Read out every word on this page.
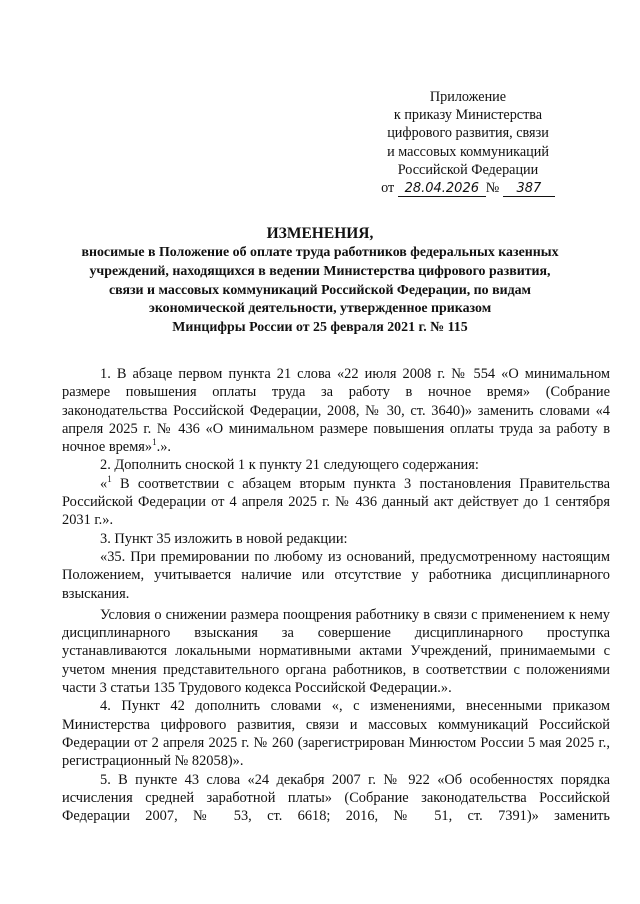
Приложение
к приказу Министерства
цифрового развития, связи
и массовых коммуникаций
Российской Федерации
от 28.04.2026 № 387
ИЗМЕНЕНИЯ,
вносимые в Положение об оплате труда работников федеральных казенных
учреждений, находящихся в ведении Министерства цифрового развития,
связи и массовых коммуникаций Российской Федерации, по видам
экономической деятельности, утвержденное приказом
Минцифры России от 25 февраля 2021 г. № 115

1. В абзаце первом пункта 21 слова «22 июля 2008 г. № 554 «О минимальном размере повышения оплаты труда за работу в ночное время» (Собрание законодательства Российской Федерации, 2008, № 30, ст. 3640)» заменить словами «4 апреля 2025 г. № 436 «О минимальном размере повышения оплаты труда за работу в ночное время»$^1$.».

2. Дополнить сноской 1 к пункту 21 следующего содержания:

«$^1$ В соответствии с абзацем вторым пункта 3 постановления Правительства Российской Федерации от 4 апреля 2025 г. № 436 данный акт действует до 1 сентября 2031 г.».

3. Пункт 35 изложить в новой редакции:

«35. При премировании по любому из оснований, предусмотренному настоящим Положением, учитывается наличие или отсутствие у работника дисциплинарного взыскания.

Условия о снижении размера поощрения работнику в связи с применением к нему дисциплинарного взыскания за совершение дисциплинарного проступка устанавливаются локальными нормативными актами Учреждений, принимаемыми с учетом мнения представительного органа работников, в соответствии с положениями части 3 статьи 135 Трудового кодекса Российской Федерации.».

4. Пункт 42 дополнить словами «, с изменениями, внесенными приказом Министерства цифрового развития, связи и массовых коммуникаций Российской Федерации от 2 апреля 2025 г. № 260 (зарегистрирован Минюстом России 5 мая 2025 г., регистрационный № 82058)».

5. В пункте 43 слова «24 декабря 2007 г. № 922 «Об особенностях порядка исчисления средней заработной платы» (Собрание законодательства Российской Федерации 2007, № 53, ст. 6618; 2016, № 51, ст. 7391)» заменить
